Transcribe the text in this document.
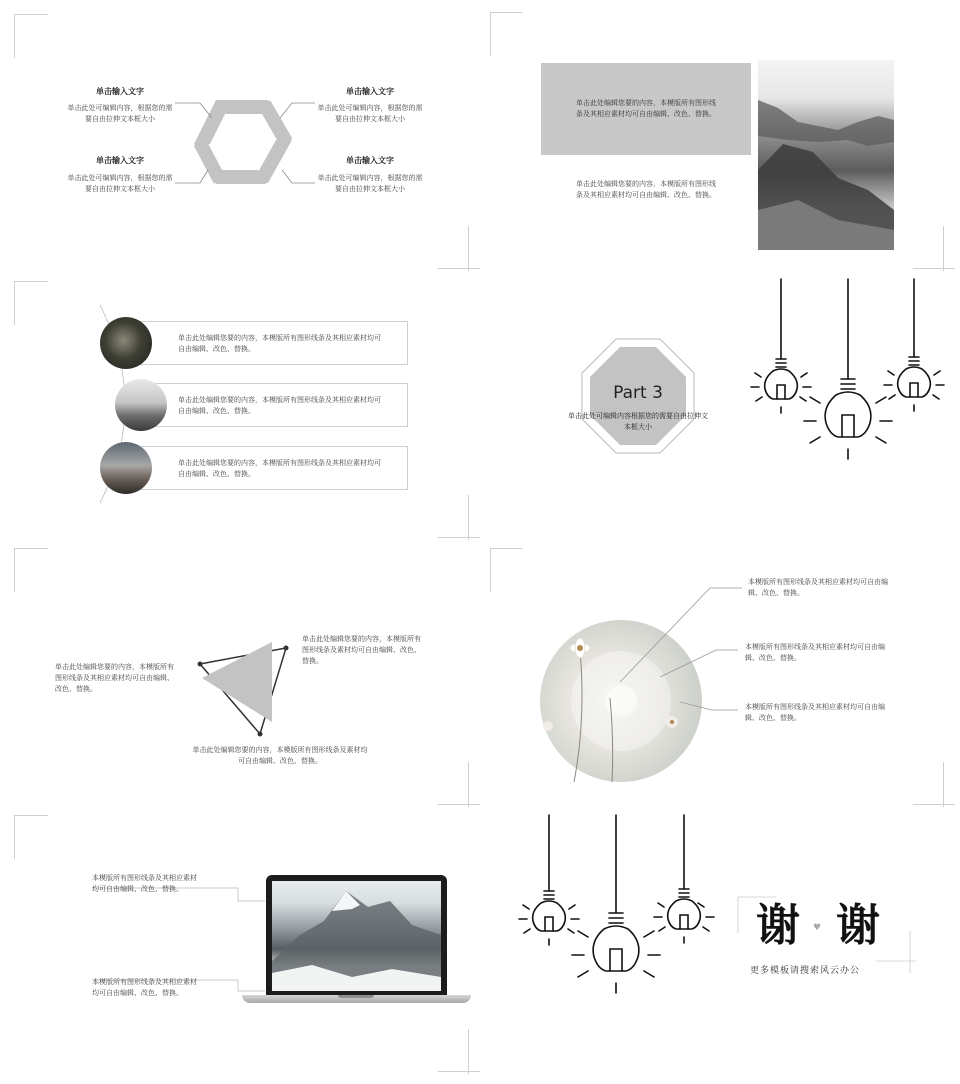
单击输入文字
单击此处可编辑内容，根据您的需要自由拉伸文本框大小
单击输入文字
单击此处可编辑内容，根据您的需要自由拉伸文本框大小
单击输入文字
单击此处可编辑内容，根据您的需要自由拉伸文本框大小
单击输入文字
单击此处可编辑内容，根据您的需要自由拉伸文本框大小
单击此处编辑您要的内容，本模版所有图形线条及其相应素材均可自由编辑、改色、替换。
单击此处编辑您要的内容，本模版所有图形线条及其相应素材均可自由编辑、改色、替换。
单击此处编辑您要的内容，本模版所有图形线条及其相应素材均可自由编辑、改色、替换。
单击此处编辑您要的内容，本模版所有图形线条及其相应素材均可自由编辑、改色、替换。
单击此处编辑您要的内容，本模版所有图形线条及其相应素材均可自由编辑、改色、替换。
Part 3
单击此处可编辑内容根据您的需要自由拉伸文本框大小
单击此处编辑您要的内容，本模版所有图形线条及素材均可自由编辑、改色、替换。
单击此处编辑您要的内容，本模版所有图形线条及其相应素材均可自由编辑、改色、替换。
单击此处编辑您要的内容，本模版所有图形线条及素材均可自由编辑、改色、替换。
本模版所有图形线条及其相应素材均可自由编辑、改色、替换。
本模版所有图形线条及其相应素材均可自由编辑、改色、替换。
本模版所有图形线条及其相应素材均可自由编辑、改色、替换。
本模版所有图形线条及其相应素材均可自由编辑、改色、替换。
本模版所有图形线条及其相应素材均可自由编辑、改色、替换。
谢 ♥ 谢
更多模板请搜索风云办公
